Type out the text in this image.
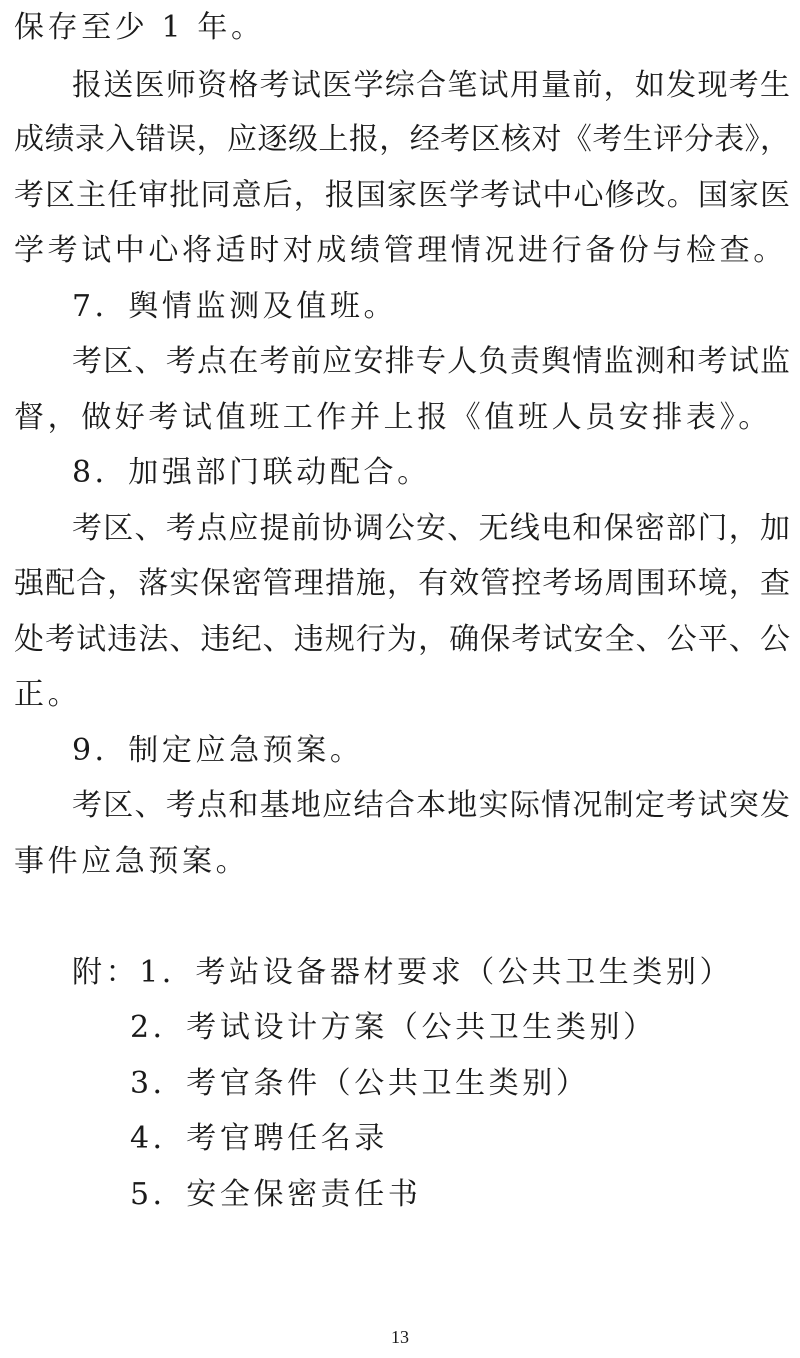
保存至少 1 年。
报送医师资格考试医学综合笔试用量前，如发现考生
成绩录入错误，应逐级上报，经考区核对《考生评分表》，
考区主任审批同意后，报国家医学考试中心修改。国家医
学考试中心将适时对成绩管理情况进行备份与检查。
7．舆情监测及值班。
考区、考点在考前应安排专人负责舆情监测和考试监
督，做好考试值班工作并上报《值班人员安排表》。
8．加强部门联动配合。
考区、考点应提前协调公安、无线电和保密部门，加
强配合，落实保密管理措施，有效管控考场周围环境，查
处考试违法、违纪、违规行为，确保考试安全、公平、公
正。
9．制定应急预案。
考区、考点和基地应结合本地实际情况制定考试突发
事件应急预案。
附：1．考站设备器材要求（公共卫生类别）
2．考试设计方案（公共卫生类别）
3．考官条件（公共卫生类别）
4．考官聘任名录
5．安全保密责任书
13
